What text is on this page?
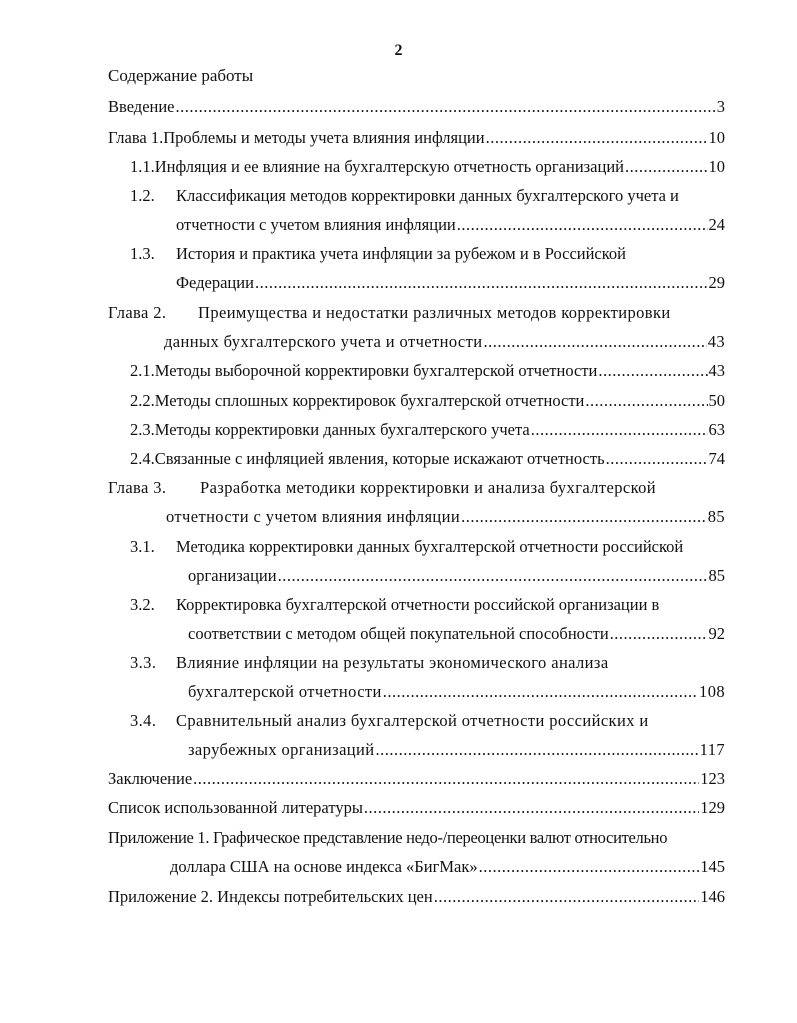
2
Содержание работы
Введение .....	3
Глава 1. Проблемы и методы учета влияния инфляции .....	10
1.1. Инфляция и ее влияние на бухгалтерскую отчетность организаций .....	10
1.2.	Классификация методов корректировки данных бухгалтерского учета и
отчетности с учетом влияния инфляции .....	24
1.3.	История и практика учета инфляции за рубежом и в Российской
Федерации .....	29
Глава 2.	Преимущества и недостатки различных методов корректировки
данных бухгалтерского учета и отчетности .....	43
2.1. Методы выборочной корректировки бухгалтерской отчетности .....	43
2.2. Методы сплошных корректировок бухгалтерской отчетности .....	50
2.3. Методы корректировки данных бухгалтерского учета .....	63
2.4. Связанные с инфляцией явления, которые искажают отчетность .....	74
Глава 3.	Разработка методики корректировки и анализа бухгалтерской
отчетности с учетом влияния инфляции .....	85
3.1.	Методика корректировки данных бухгалтерской отчетности российской
организации .....	85
3.2.	Корректировка бухгалтерской отчетности российской организации в
соответствии с методом общей покупательной способности .....	92
3.3.	Влияние инфляции на результаты экономического анализа
бухгалтерской отчетности .....	108
3.4.	Сравнительный анализ бухгалтерской отчетности российских и
зарубежных организаций .....	117
Заключение .....	123
Список использованной литературы .....	129
Приложение 1. Графическое представление недо-/переоценки валют относительно
доллара США на основе индекса «БигМак» .....	145
Приложение 2. Индексы потребительских цен .....	146
